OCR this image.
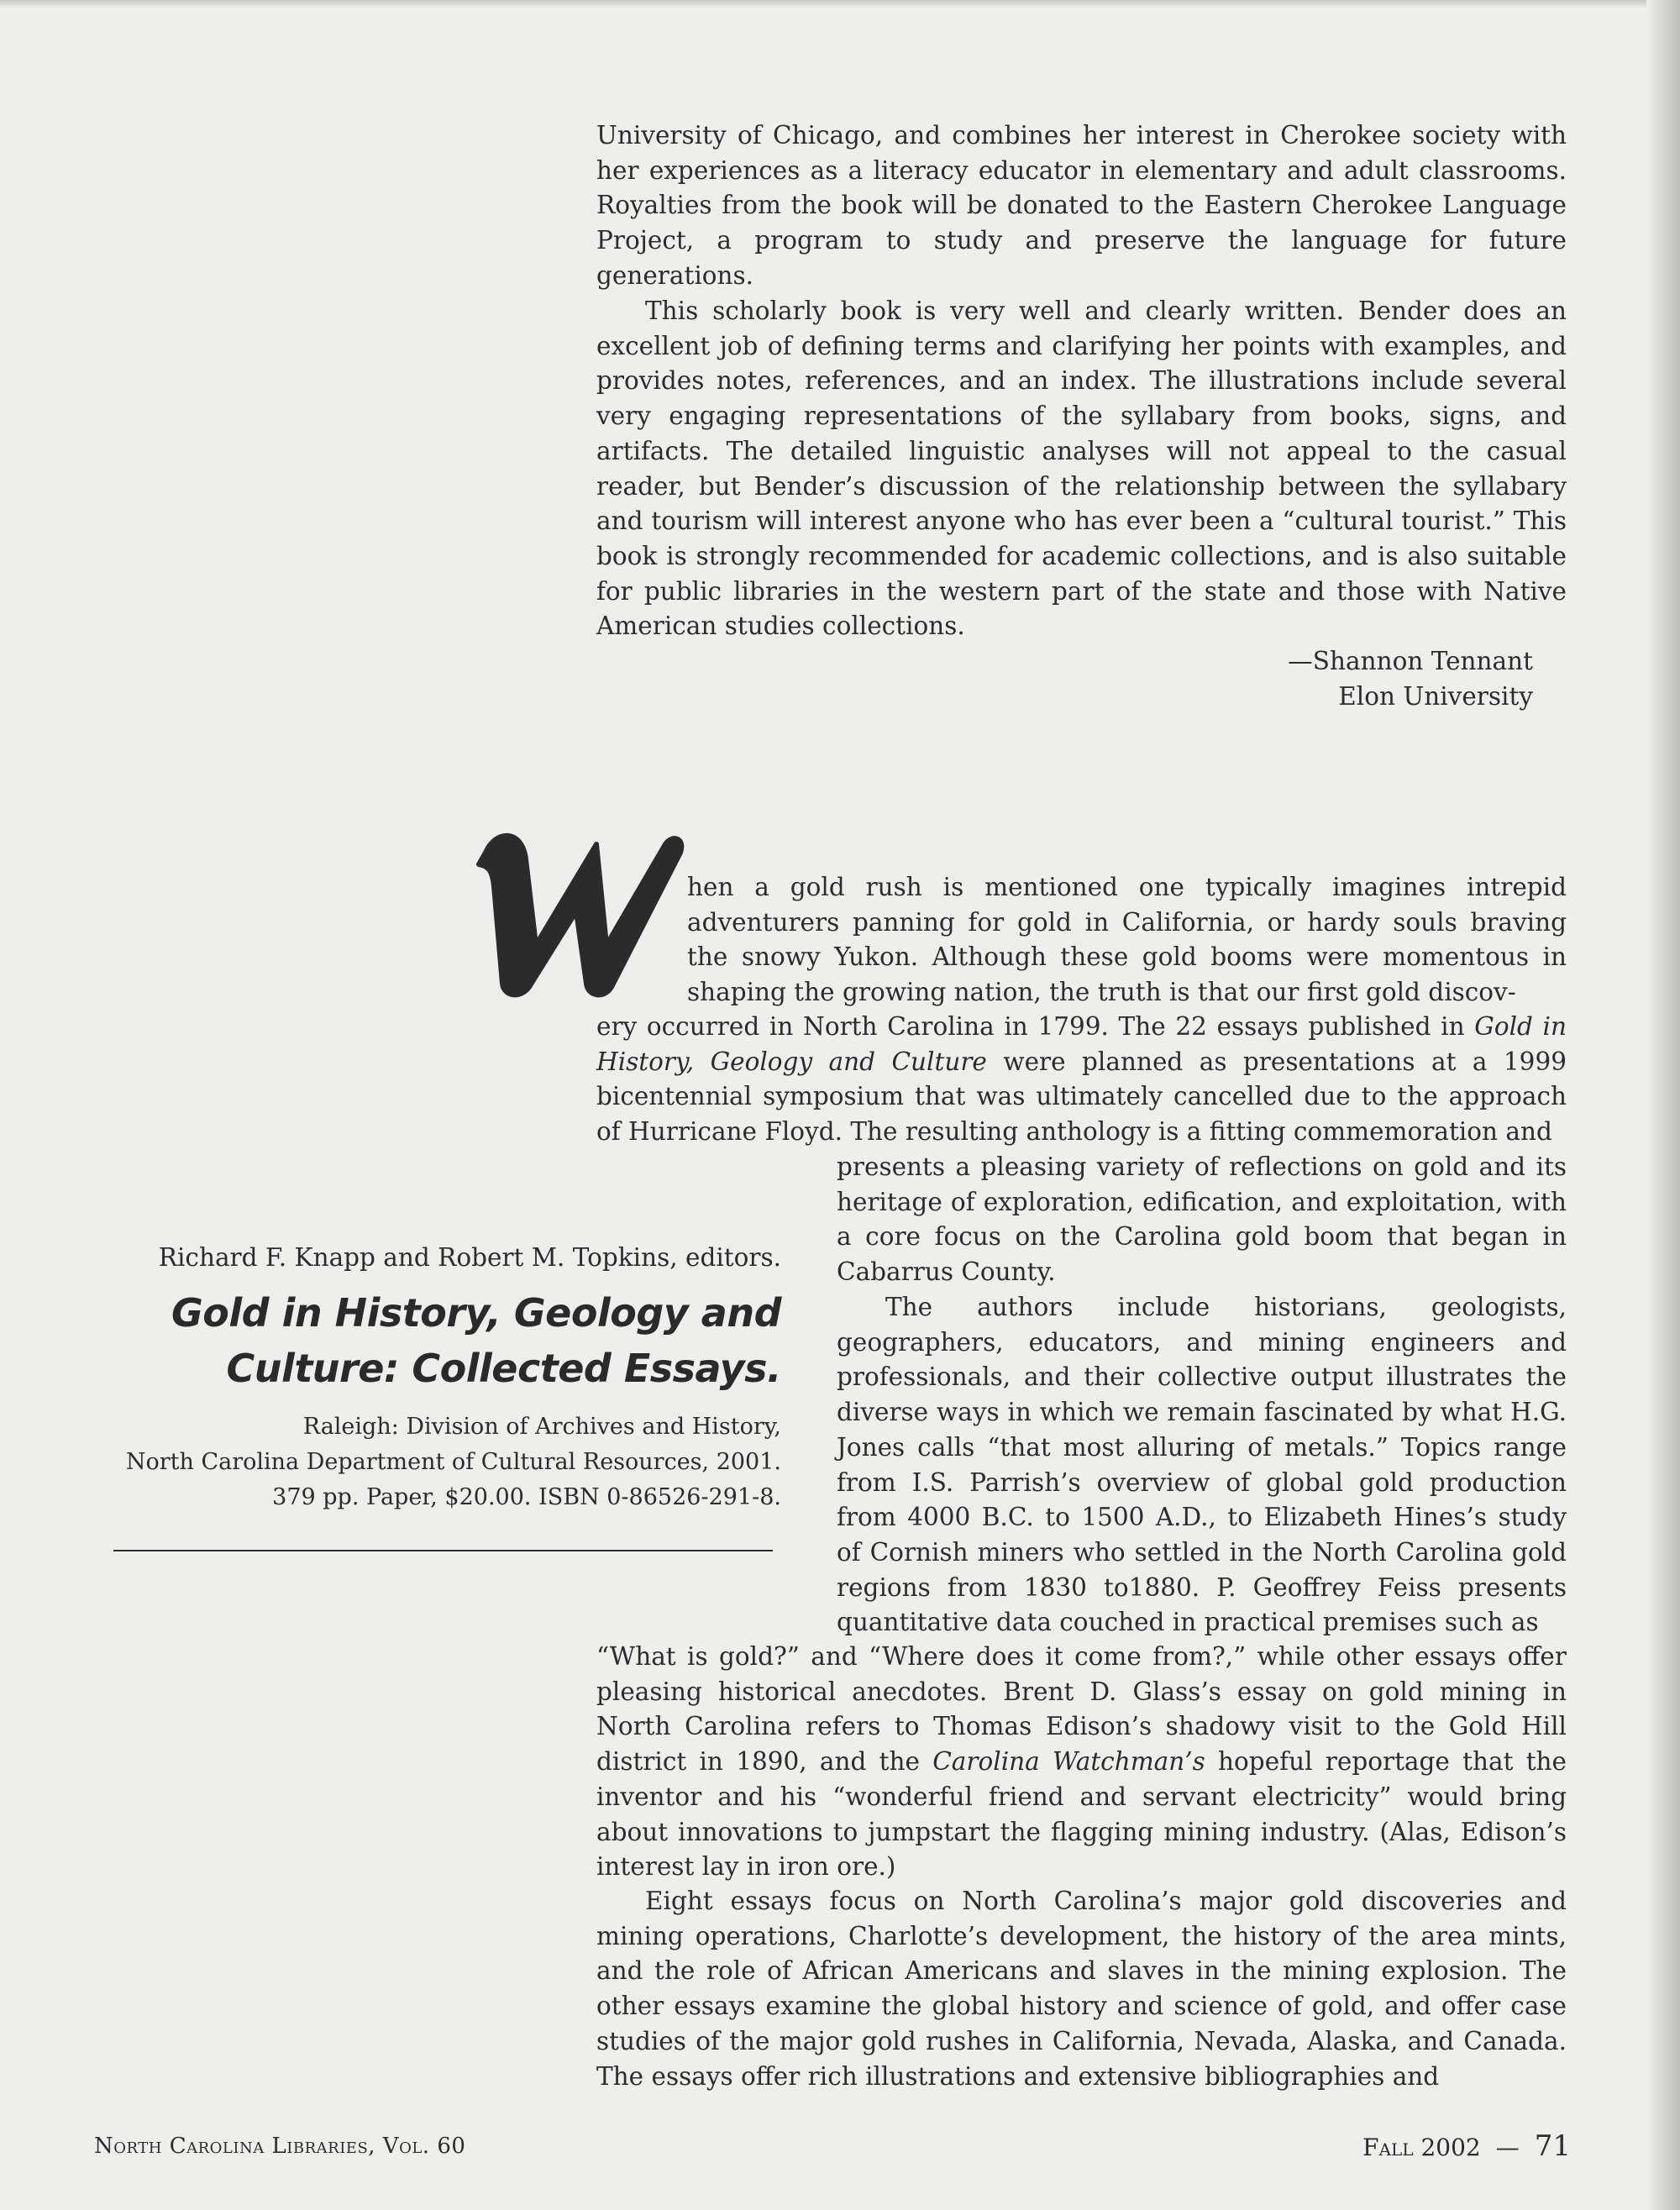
University of Chicago, and combines her interest in Cherokee society with her experiences as a literacy educator in elementary and adult classrooms. Royalties from the book will be donated to the Eastern Cherokee Language Project, a program to study and preserve the language for future generations.

This scholarly book is very well and clearly written. Bender does an excellent job of defining terms and clarifying her points with examples, and provides notes, references, and an index. The illustrations include several very engaging representations of the syllabary from books, signs, and artifacts. The detailed linguistic analyses will not appeal to the casual reader, but Bender’s discussion of the relationship between the syllabary and tourism will interest anyone who has ever been a “cultural tourist.” This book is strongly recommended for academic collections, and is also suitable for public libraries in the western part of the state and those with Native American studies collections.

—Shannon Tennant

Elon University

W

hen a gold rush is mentioned one typically imagines intrepid adventurers panning for gold in California, or hardy souls braving the snowy Yukon. Although these gold booms were momentous in shaping the growing nation, the truth is that our first gold discov-

ery occurred in North Carolina in 1799. The 22 essays published in Gold in History, Geology and Culture were planned as presentations at a 1999 bicentennial symposium that was ultimately cancelled due to the approach of Hurricane Floyd. The resulting anthology is a fitting commemoration and

presents a pleasing variety of reflections on gold and its heritage of exploration, edification, and exploitation, with a core focus on the Carolina gold boom that began in Cabarrus County.

The authors include historians, geologists, geographers, educators, and mining engineers and professionals, and their collective output illustrates the diverse ways in which we remain fascinated by what H.G. Jones calls “that most alluring of metals.” Topics range from I.S. Parrish’s overview of global gold production from 4000 B.C. to 1500 A.D., to Elizabeth Hines’s study of Cornish miners who settled in the North Carolina gold regions from 1830 to1880. P. Geoffrey Feiss presents quantitative data couched in practical premises such as

“What is gold?” and “Where does it come from?,” while other essays offer pleasing historical anecdotes. Brent D. Glass’s essay on gold mining in North Carolina refers to Thomas Edison’s shadowy visit to the Gold Hill district in 1890, and the Carolina Watchman’s hopeful reportage that the inventor and his “wonderful friend and servant electricity” would bring about innovations to jumpstart the flagging mining industry. (Alas, Edison’s interest lay in iron ore.)

Eight essays focus on North Carolina’s major gold discoveries and mining operations, Charlotte’s development, the history of the area mints, and the role of African Americans and slaves in the mining explosion. The other essays examine the global history and science of gold, and offer case studies of the major gold rushes in California, Nevada, Alaska, and Canada. The essays offer rich illustrations and extensive bibliographies and

Richard F. Knapp and Robert M. Topkins, editors.

Gold in History, Geology and
Culture: Collected Essays.
Raleigh: Division of Archives and History,
North Carolina Department of Cultural Resources, 2001.
379 pp. Paper, $20.00. ISBN 0-86526-291-8.
North Carolina Libraries, Vol. 60	Fall 2002 — 71
